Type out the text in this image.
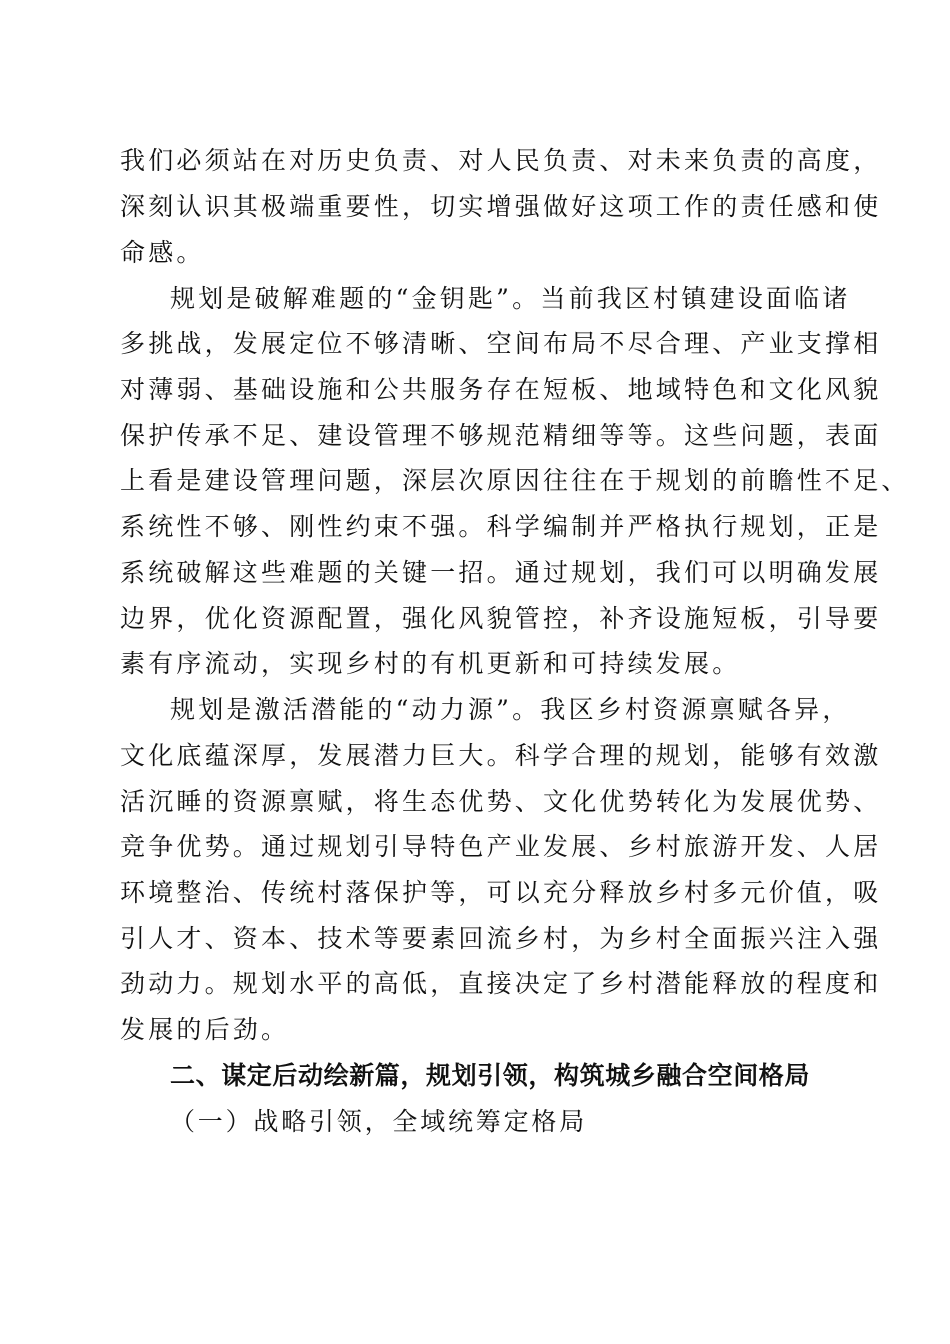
我们必须站在对历史负责、对人民负责、对未来负责的高度，
深刻认识其极端重要性，切实增强做好这项工作的责任感和使
命感。
规划是破解难题的“金钥匙”。当前我区村镇建设面临诸
多挑战，发展定位不够清晰、空间布局不尽合理、产业支撑相
对薄弱、基础设施和公共服务存在短板、地域特色和文化风貌
保护传承不足、建设管理不够规范精细等等。这些问题，表面
上看是建设管理问题，深层次原因往往在于规划的前瞻性不足、
系统性不够、刚性约束不强。科学编制并严格执行规划，正是
系统破解这些难题的关键一招。通过规划，我们可以明确发展
边界，优化资源配置，强化风貌管控，补齐设施短板，引导要
素有序流动，实现乡村的有机更新和可持续发展。
规划是激活潜能的“动力源”。我区乡村资源禀赋各异，
文化底蕴深厚，发展潜力巨大。科学合理的规划，能够有效激
活沉睡的资源禀赋，将生态优势、文化优势转化为发展优势、
竞争优势。通过规划引导特色产业发展、乡村旅游开发、人居
环境整治、传统村落保护等，可以充分释放乡村多元价值，吸
引人才、资本、技术等要素回流乡村，为乡村全面振兴注入强
劲动力。规划水平的高低，直接决定了乡村潜能释放的程度和
发展的后劲。
二、谋定后动绘新篇，规划引领，构筑城乡融合空间格局
（一）战略引领，全域统筹定格局
